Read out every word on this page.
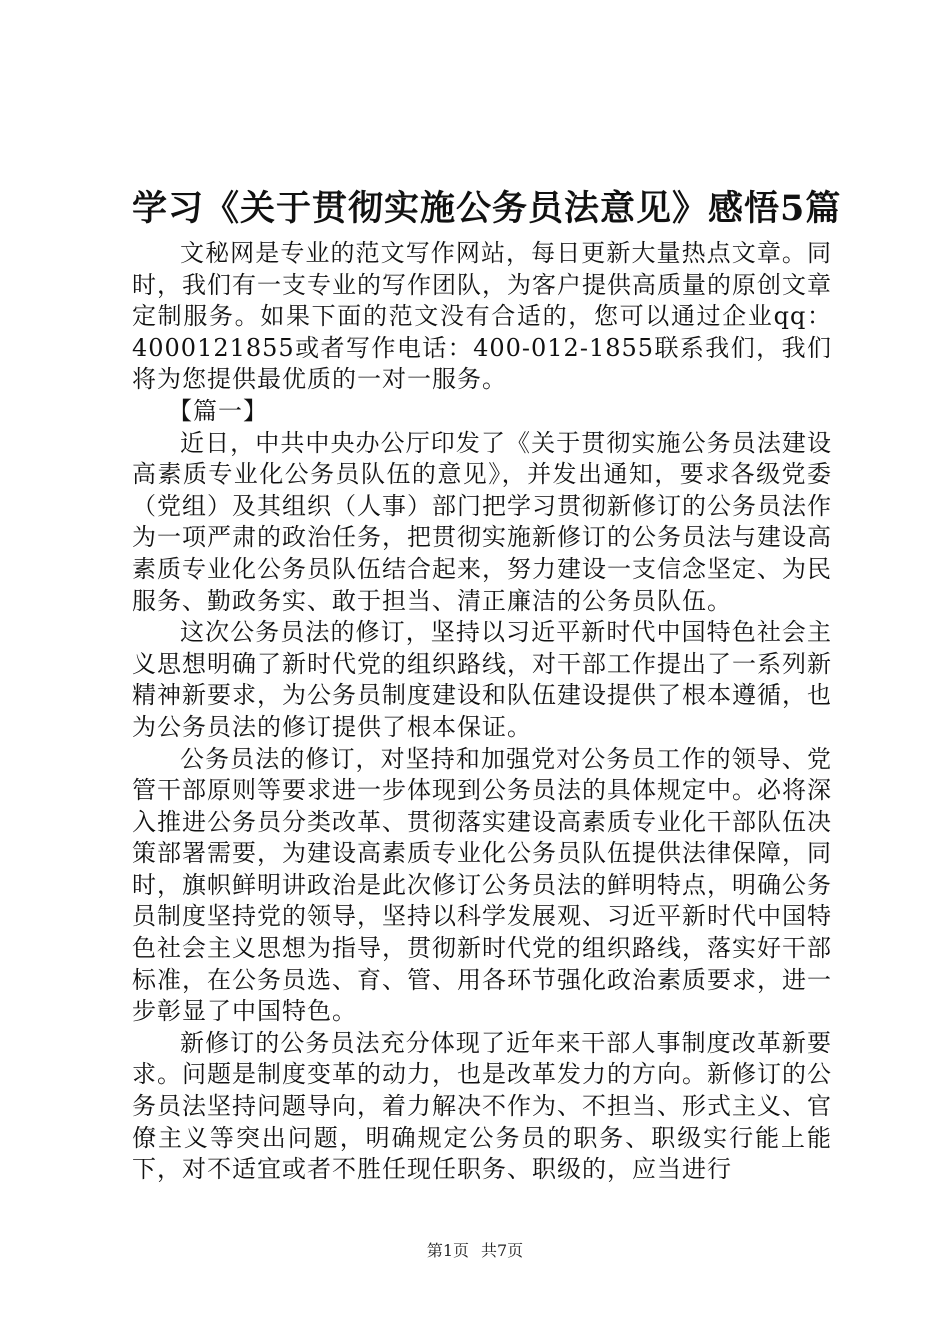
学习《关于贯彻实施公务员法意见》感悟5篇

文秘网是专业的范文写作网站，每日更新大量热点文章。同时，我们有一支专业的写作团队，为客户提供高质量的原创文章定制服务。如果下面的范文没有合适的，您可以通过企业qq：4000121855或者写作电话：400-012-1855联系我们，我们将为您提供最优质的一对一服务。

【篇一】

近日，中共中央办公厅印发了《关于贯彻实施公务员法建设高素质专业化公务员队伍的意见》，并发出通知，要求各级党委（党组）及其组织（人事）部门把学习贯彻新修订的公务员法作为一项严肃的政治任务，把贯彻实施新修订的公务员法与建设高素质专业化公务员队伍结合起来，努力建设一支信念坚定、为民服务、勤政务实、敢于担当、清正廉洁的公务员队伍。

这次公务员法的修订，坚持以习近平新时代中国特色社会主义思想明确了新时代党的组织路线，对干部工作提出了一系列新精神新要求，为公务员制度建设和队伍建设提供了根本遵循，也为公务员法的修订提供了根本保证。

公务员法的修订，对坚持和加强党对公务员工作的领导、党管干部原则等要求进一步体现到公务员法的具体规定中。必将深入推进公务员分类改革、贯彻落实建设高素质专业化干部队伍决策部署需要，为建设高素质专业化公务员队伍提供法律保障，同时，旗帜鲜明讲政治是此次修订公务员法的鲜明特点，明确公务员制度坚持党的领导，坚持以科学发展观、习近平新时代中国特色社会主义思想为指导，贯彻新时代党的组织路线，落实好干部标准，在公务员选、育、管、用各环节强化政治素质要求，进一步彰显了中国特色。

新修订的公务员法充分体现了近年来干部人事制度改革新要求。问题是制度变革的动力，也是改革发力的方向。新修订的公务员法坚持问题导向，着力解决不作为、不担当、形式主义、官僚主义等突出问题，明确规定公务员的职务、职级实行能上能下，对不适宜或者不胜任现任职务、职级的，应当进行

第1页 共7页
